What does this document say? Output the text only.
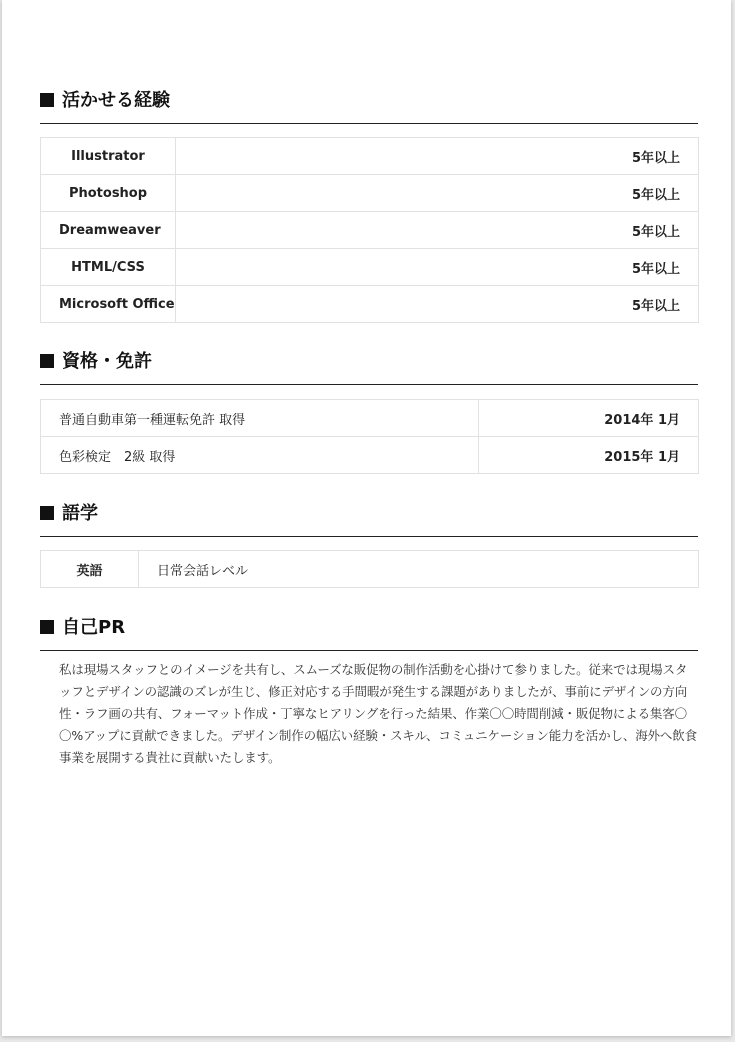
活かせる経験
Illustrator	5年以上
Photoshop	5年以上
Dreamweaver	5年以上
HTML/CSS	5年以上
Microsoft Office	5年以上
資格・免許
普通自動車第一種運転免許 取得	2014年 1月
色彩検定　2級 取得	2015年 1月
語学
英語	日常会話レベル
自己PR
私は現場スタッフとのイメージを共有し、スムーズな販促物の制作活動を心掛けて参りました。従来では現場スタッフとデザインの認識のズレが生じ、修正対応する手間暇が発生する課題がありましたが、事前にデザインの方向性・ラフ画の共有、フォーマット作成・丁寧なヒアリングを行った結果、作業〇〇時間削減・販促物による集客〇〇%アップに貢献できました。デザイン制作の幅広い経験・スキル、コミュニケーション能力を活かし、海外へ飲食事業を展開する貴社に貢献いたします。
